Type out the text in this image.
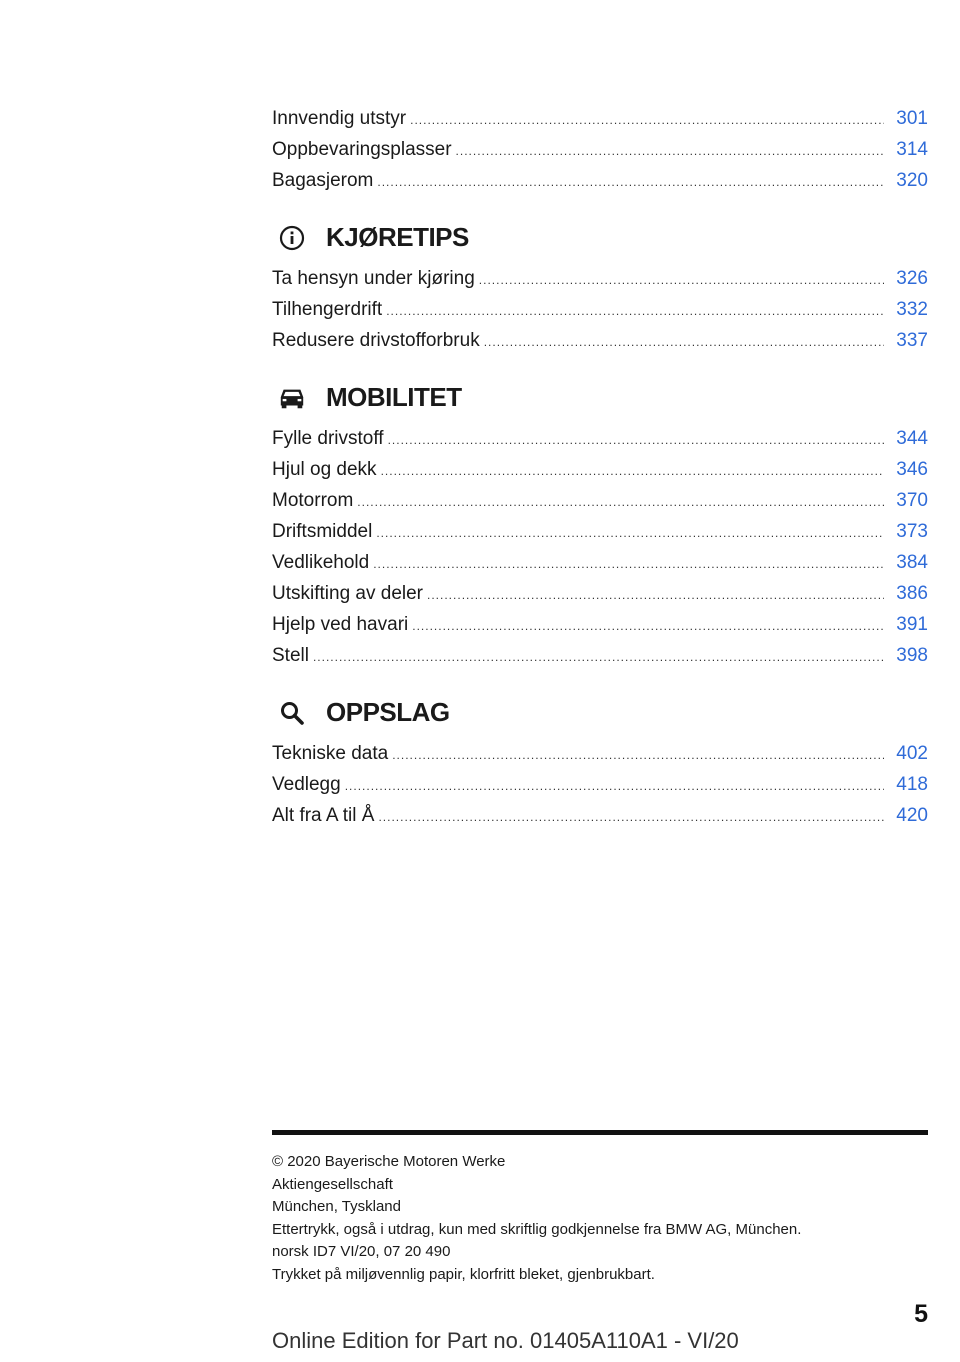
Innvendig utstyr .....	301
Oppbevaringsplasser .....	314
Bagasjerom .....	320
KJØRETIPS
Ta hensyn under kjøring .....	326
Tilhengerdrift .....	332
Redusere drivstofforbruk .....	337
MOBILITET
Fylle drivstoff .....	344
Hjul og dekk .....	346
Motorrom .....	370
Driftsmiddel .....	373
Vedlikehold .....	384
Utskifting av deler .....	386
Hjelp ved havari .....	391
Stell .....	398
OPPSLAG
Tekniske data .....	402
Vedlegg .....	418
Alt fra A til Å .....	420
© 2020 Bayerische Motoren Werke
Aktiengesellschaft
München, Tyskland
Ettertrykk, også i utdrag, kun med skriftlig godkjennelse fra BMW AG, München.
norsk ID7 VI/20, 07 20 490
Trykket på miljøvennlig papir, klorfritt bleket, gjenbrukbart.
5
Online Edition for Part no. 01405A110A1 - VI/20
